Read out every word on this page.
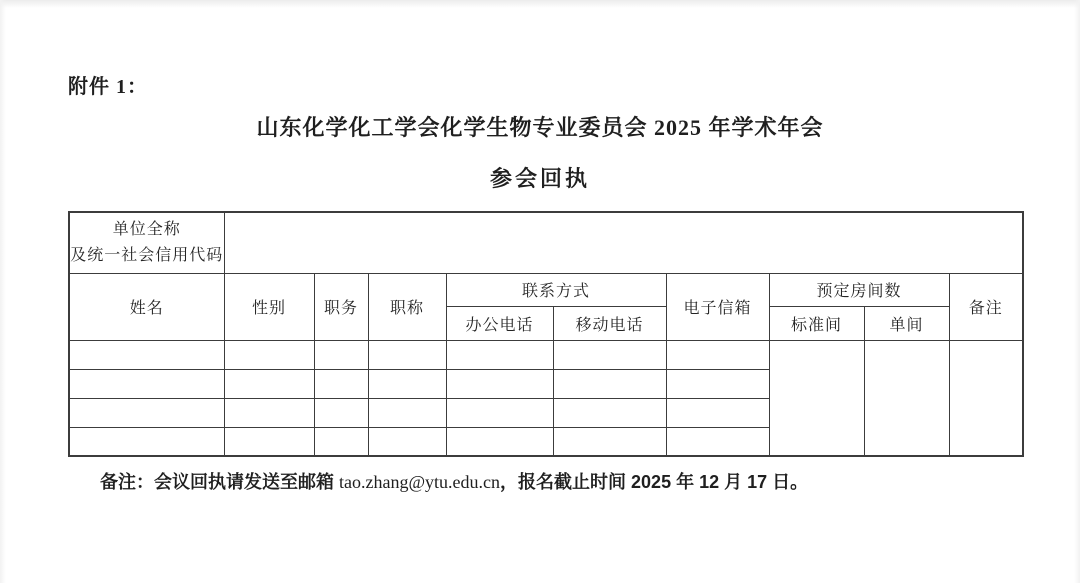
附件 1：
山东化学化工学会化学生物专业委员会 2025 年学术年会
参会回执
单位全称
及统一社会信用代码									

姓名	性别	职务	职称	联系方式		电子信箱	预定房间数		备注
				办公电话	移动电话		标准间	单间	

备注：会议回执请发送至邮箱 tao.zhang@ytu.edu.cn，报名截止时间 2025 年 12 月 17 日。
